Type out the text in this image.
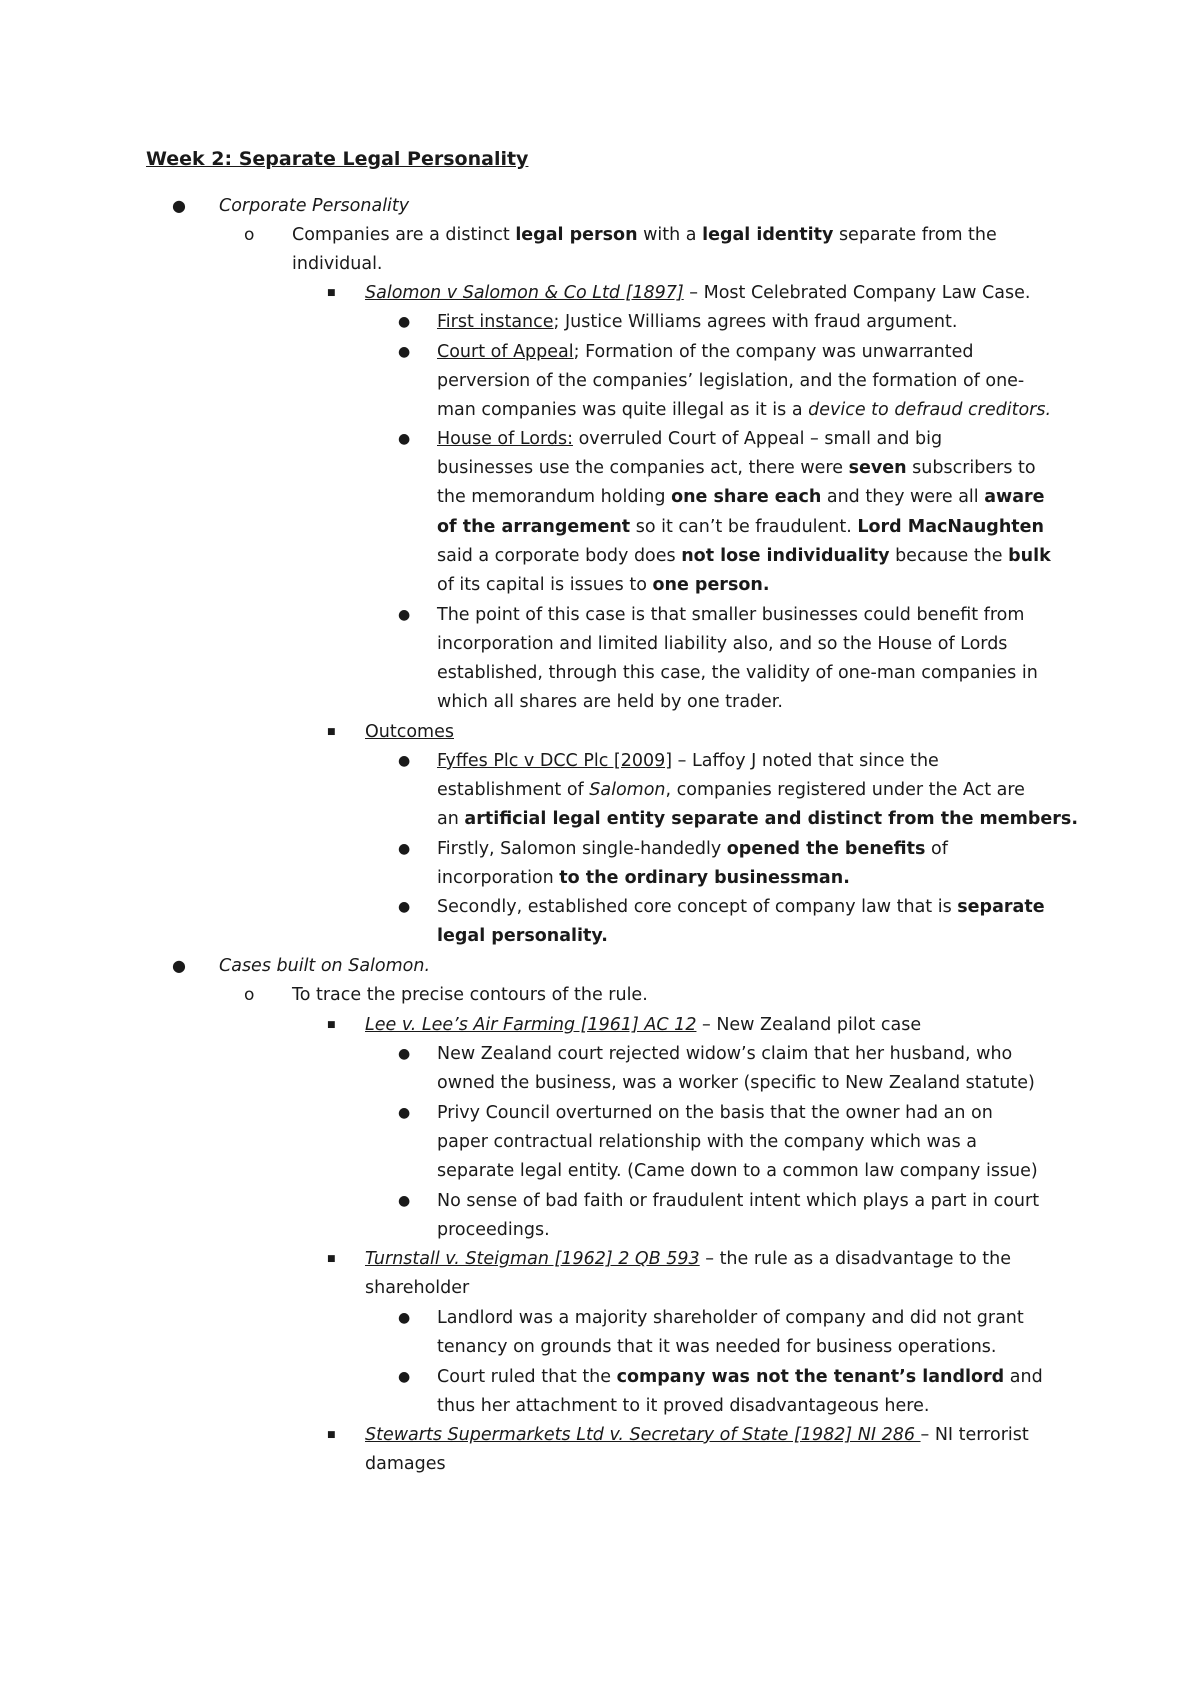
Week 2: Separate Legal Personality
● Corporate Personality
o Companies are a distinct legal person with a legal identity separate from the
individual.
■ Salomon v Salomon & Co Ltd [1897] – Most Celebrated Company Law Case.
● First instance; Justice Williams agrees with fraud argument.
● Court of Appeal; Formation of the company was unwarranted
perversion of the companies’ legislation, and the formation of one-
man companies was quite illegal as it is a device to defraud creditors.
● House of Lords: overruled Court of Appeal – small and big
businesses use the companies act, there were seven subscribers to
the memorandum holding one share each and they were all aware
of the arrangement so it can’t be fraudulent. Lord MacNaughten
said a corporate body does not lose individuality because the bulk
of its capital is issues to one person.
● The point of this case is that smaller businesses could benefit from
incorporation and limited liability also, and so the House of Lords
established, through this case, the validity of one-man companies in
which all shares are held by one trader.
■ Outcomes
● Fyffes Plc v DCC Plc [2009] – Laffoy J noted that since the
establishment of Salomon, companies registered under the Act are
an artificial legal entity separate and distinct from the members.
● Firstly, Salomon single-handedly opened the benefits of
incorporation to the ordinary businessman.
● Secondly, established core concept of company law that is separate
legal personality.
● Cases built on Salomon.
o To trace the precise contours of the rule.
■ Lee v. Lee’s Air Farming [1961] AC 12 – New Zealand pilot case
● New Zealand court rejected widow’s claim that her husband, who
owned the business, was a worker (specific to New Zealand statute)
● Privy Council overturned on the basis that the owner had an on
paper contractual relationship with the company which was a
separate legal entity. (Came down to a common law company issue)
● No sense of bad faith or fraudulent intent which plays a part in court
proceedings.
■ Turnstall v. Steigman [1962] 2 QB 593 – the rule as a disadvantage to the
shareholder
● Landlord was a majority shareholder of company and did not grant
tenancy on grounds that it was needed for business operations.
● Court ruled that the company was not the tenant’s landlord and
thus her attachment to it proved disadvantageous here.
■ Stewarts Supermarkets Ltd v. Secretary of State [1982] NI 286 – NI terrorist
damages
